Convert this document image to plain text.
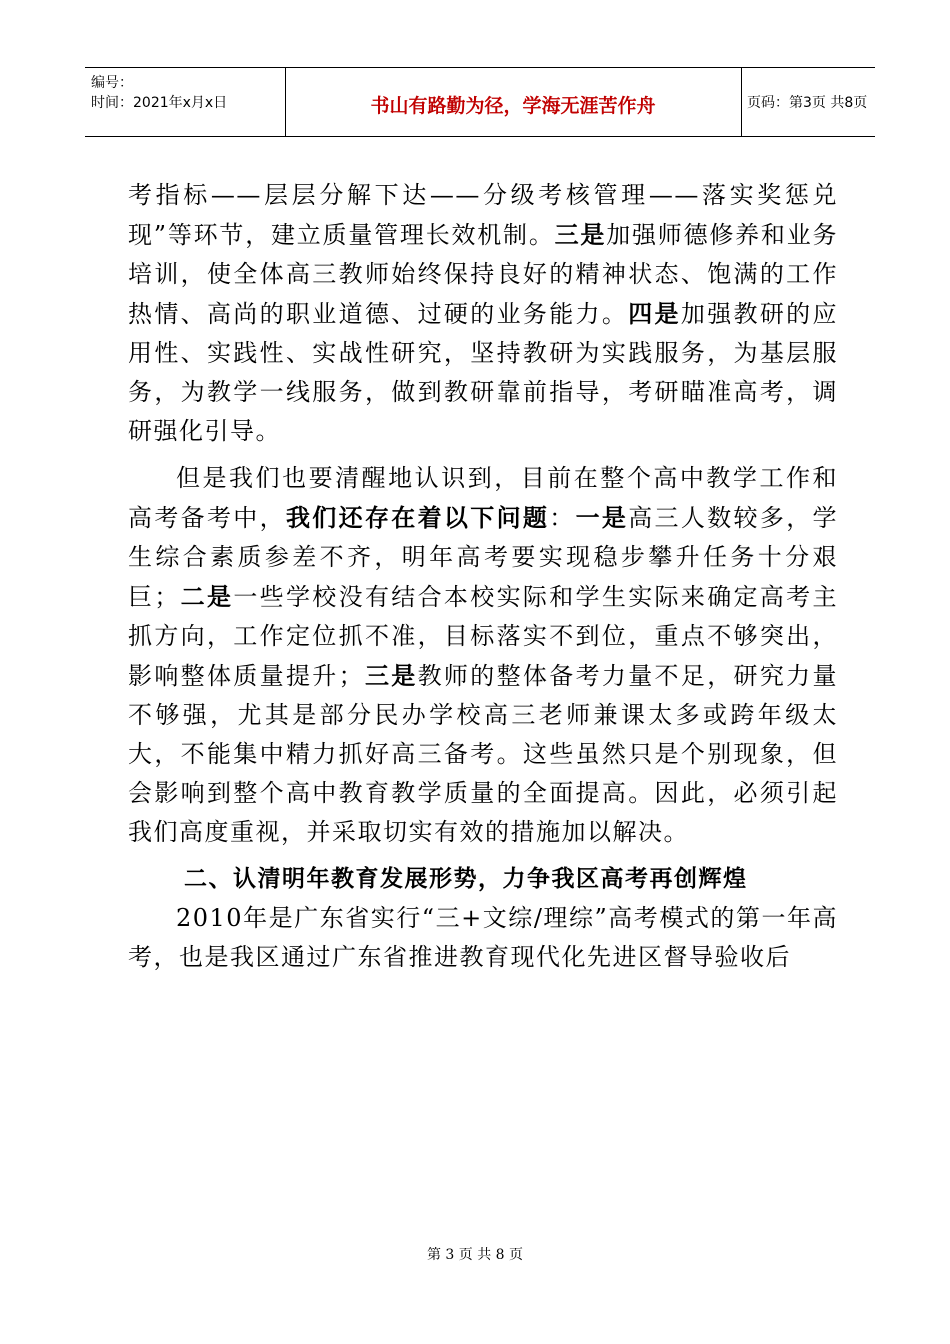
编号：
时间：2021年x月x日	书山有路勤为径，学海无涯苦作舟	页码：第3页 共8页

考指标——层层分解下达——分级考核管理——落实奖惩兑现”等环节，建立质量管理长效机制。三是加强师德修养和业务培训，使全体高三教师始终保持良好的精神状态、饱满的工作热情、高尚的职业道德、过硬的业务能力。四是加强教研的应用性、实践性、实战性研究，坚持教研为实践服务，为基层服务，为教学一线服务，做到教研靠前指导，考研瞄准高考，调研强化引导。

但是我们也要清醒地认识到，目前在整个高中教学工作和高考备考中，我们还存在着以下问题：一是高三人数较多，学生综合素质参差不齐，明年高考要实现稳步攀升任务十分艰巨；二是一些学校没有结合本校实际和学生实际来确定高考主抓方向，工作定位抓不准，目标落实不到位，重点不够突出，影响整体质量提升；三是教师的整体备考力量不足，研究力量不够强，尤其是部分民办学校高三老师兼课太多或跨年级太大，不能集中精力抓好高三备考。这些虽然只是个别现象，但会影响到整个高中教育教学质量的全面提高。因此，必须引起我们高度重视，并采取切实有效的措施加以解决。

二、认清明年教育发展形势，力争我区高考再创辉煌

2010年是广东省实行“三+文综/理综”高考模式的第一年高考，也是我区通过广东省推进教育现代化先进区督导验收后

第 3 页 共 8 页
